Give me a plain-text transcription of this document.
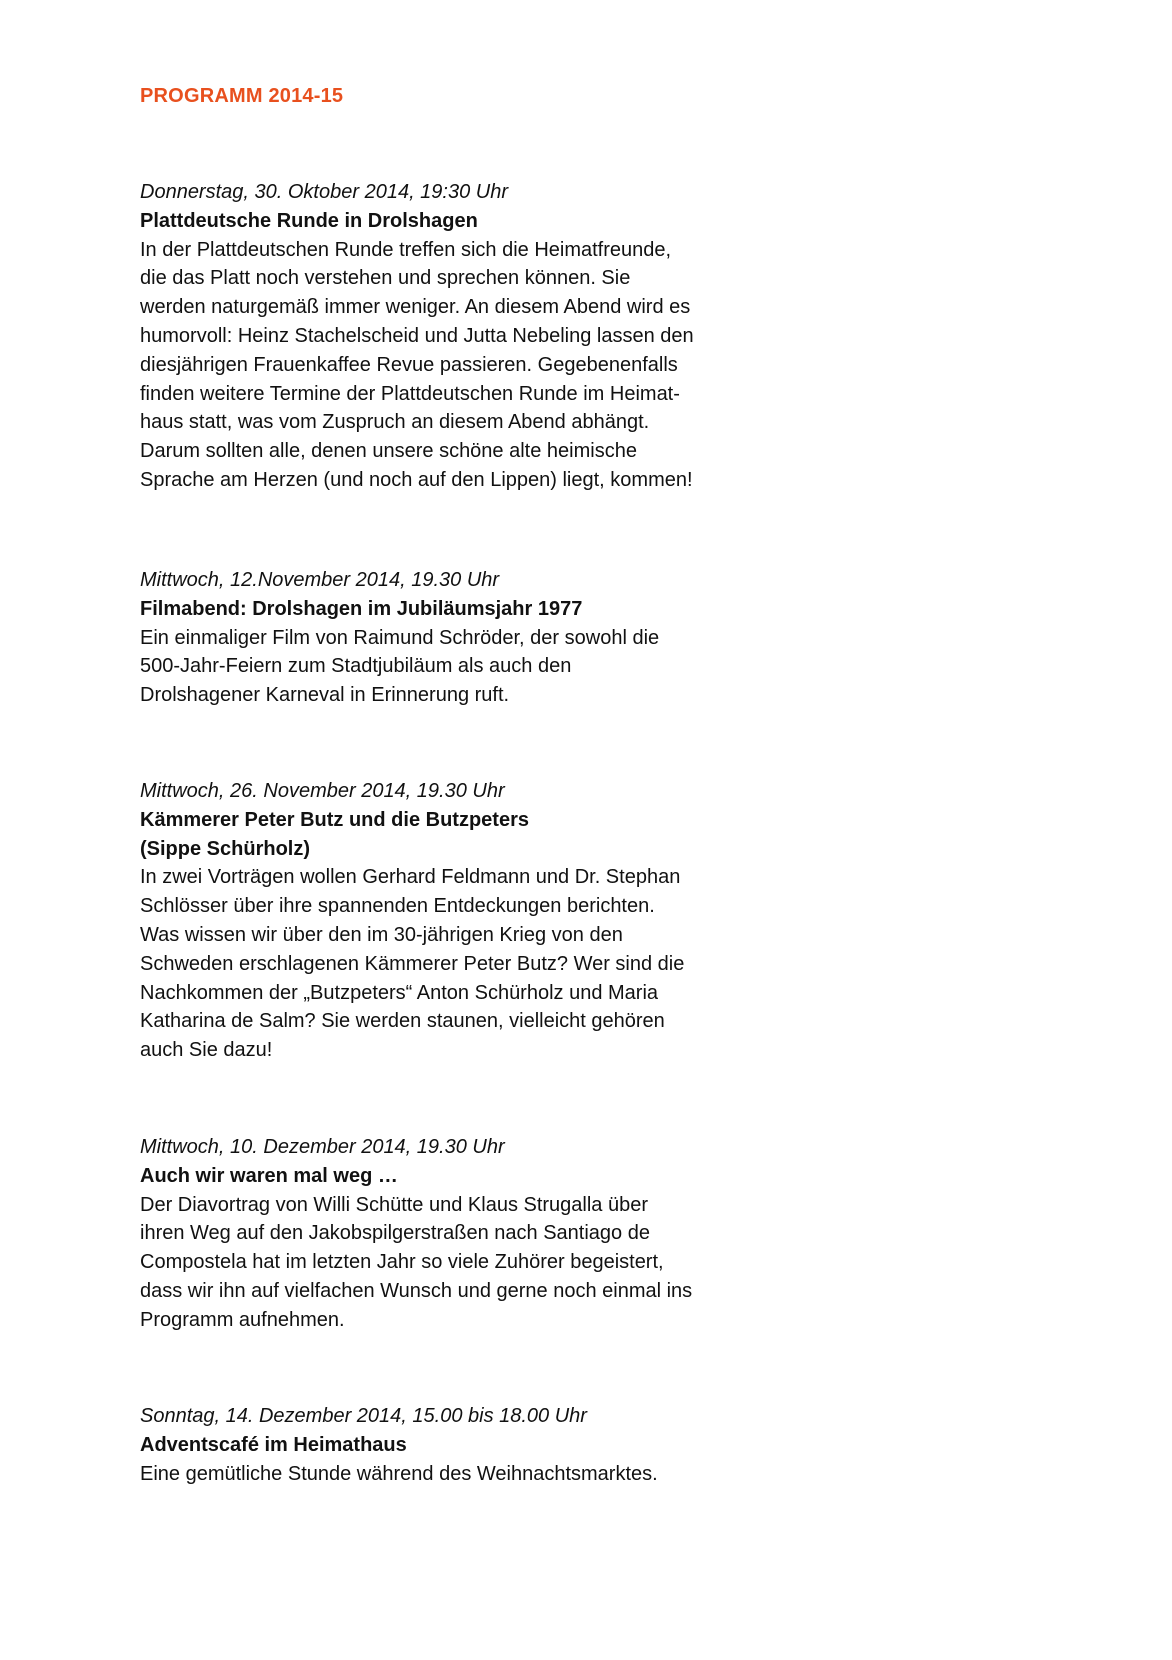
PROGRAMM 2014-15

Donnerstag, 30. Oktober 2014, 19:30 Uhr

Plattdeutsche Runde in Drolshagen

In der Plattdeutschen Runde treffen sich die Heimatfreunde,
die das Platt noch verstehen und sprechen können. Sie
werden naturgemäß immer weniger. An diesem Abend wird es
humorvoll: Heinz Stachelscheid und Jutta Nebeling lassen den
diesjährigen Frauenkaffee Revue passieren. Gegebenenfalls
finden weitere Termine der Plattdeutschen Runde im Heimat-
haus statt, was vom Zuspruch an diesem Abend abhängt.
Darum sollten alle, denen unsere schöne alte heimische
Sprache am Herzen (und noch auf den Lippen) liegt, kommen!

Mittwoch, 12.November 2014, 19.30 Uhr

Filmabend: Drolshagen im Jubiläumsjahr 1977

Ein einmaliger Film von Raimund Schröder, der sowohl die
500-Jahr-Feiern zum Stadtjubiläum als auch den
Drolshagener Karneval in Erinnerung ruft.

Mittwoch, 26. November 2014, 19.30 Uhr

Kämmerer Peter Butz und die Butzpeters
(Sippe Schürholz)

In zwei Vorträgen wollen Gerhard Feldmann und Dr. Stephan
Schlösser über ihre spannenden Entdeckungen berichten.
Was wissen wir über den im 30-jährigen Krieg von den
Schweden erschlagenen Kämmerer Peter Butz? Wer sind die
Nachkommen der „Butzpeters“ Anton Schürholz und Maria
Katharina de Salm? Sie werden staunen, vielleicht gehören
auch Sie dazu!

Mittwoch, 10. Dezember 2014, 19.30 Uhr

Auch wir waren mal weg …

Der Diavortrag von Willi Schütte und Klaus Strugalla über
ihren Weg auf den Jakobspilgerstraßen nach Santiago de
Compostela hat im letzten Jahr so viele Zuhörer begeistert,
dass wir ihn auf vielfachen Wunsch und gerne noch einmal ins
Programm aufnehmen.

Sonntag, 14. Dezember 2014, 15.00 bis 18.00 Uhr

Adventscafé im Heimathaus

Eine gemütliche Stunde während des Weihnachtsmarktes.
